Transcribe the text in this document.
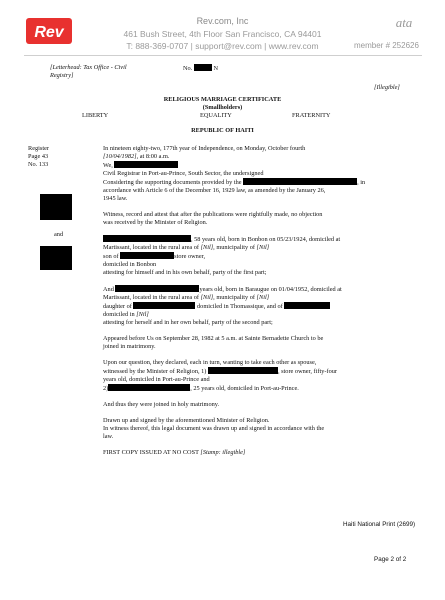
Rev
Rev.com, Inc
461 Bush Street, 4th Floor San Francisco, CA 94401
T: 888-369-0707 | support@rev.com | www.rev.com
ata
member # 252626
[Letterhead: Tax Office - Civil
Registry]
No.	N
[Illegible]
RELIGIOUS MARRIAGE CERTIFICATE
(Smallholders)
LIBERTY	EQUALITY	FRATERNITY
REPUBLIC OF HAITI
Register
Page 43
No. 133
and
In nineteen eighty-two, 177th year of Independence, on Monday, October fourth
[10/04/1982], at 8:00 a.m.
We,
Civil Registrar in Port-au-Prince, South Sector, the undersigned
Considering the supporting documents provided by the	, in
accordance with Article 6 of the December 16, 1929 law, as amended by the January 26,
1945 law.
Witness, record and attest that after the publications were rightfully made, no objection
was received by the Minister of Religion.
, 58 years old, born in Bonbon on 05/23/1924, domiciled at
Martissant, located in the rural area of [Nil], municipality of [Nil]
son of	store owner,
domiciled in Bonbon
attesting for himself and in his own behalf, party of the first part;
And	years old, born in Baraugue on 01/04/1952, domiciled at
Martissant, located in the rural area of [Nil], municipality of [Nil]
daughter of	domiciled in Thomassique, and of
domiciled in [Nil]
attesting for herself and in her own behalf, party of the second part;
Appeared before Us on September 28, 1982 at 5 a.m. at Sainte Bernadette Church to be
joined in matrimony.
Upon our question, they declared, each in turn, wanting to take each other as spouse,
witnessed by the Minister of Religion, 1)	, store owner, fifty-four
years old, domiciled in Port-au-Prince and
2)	, 25 years old, domiciled in Port-au-Prince.
And thus they were joined in holy matrimony.
Drawn up and signed by the aforementioned Minister of Religion.
In witness thereof, this legal document was drawn up and signed in accordance with the
law.
FIRST COPY ISSUED AT NO COST [Stamp: illegible]
Haiti National Print (2699)
Page 2 of 2
